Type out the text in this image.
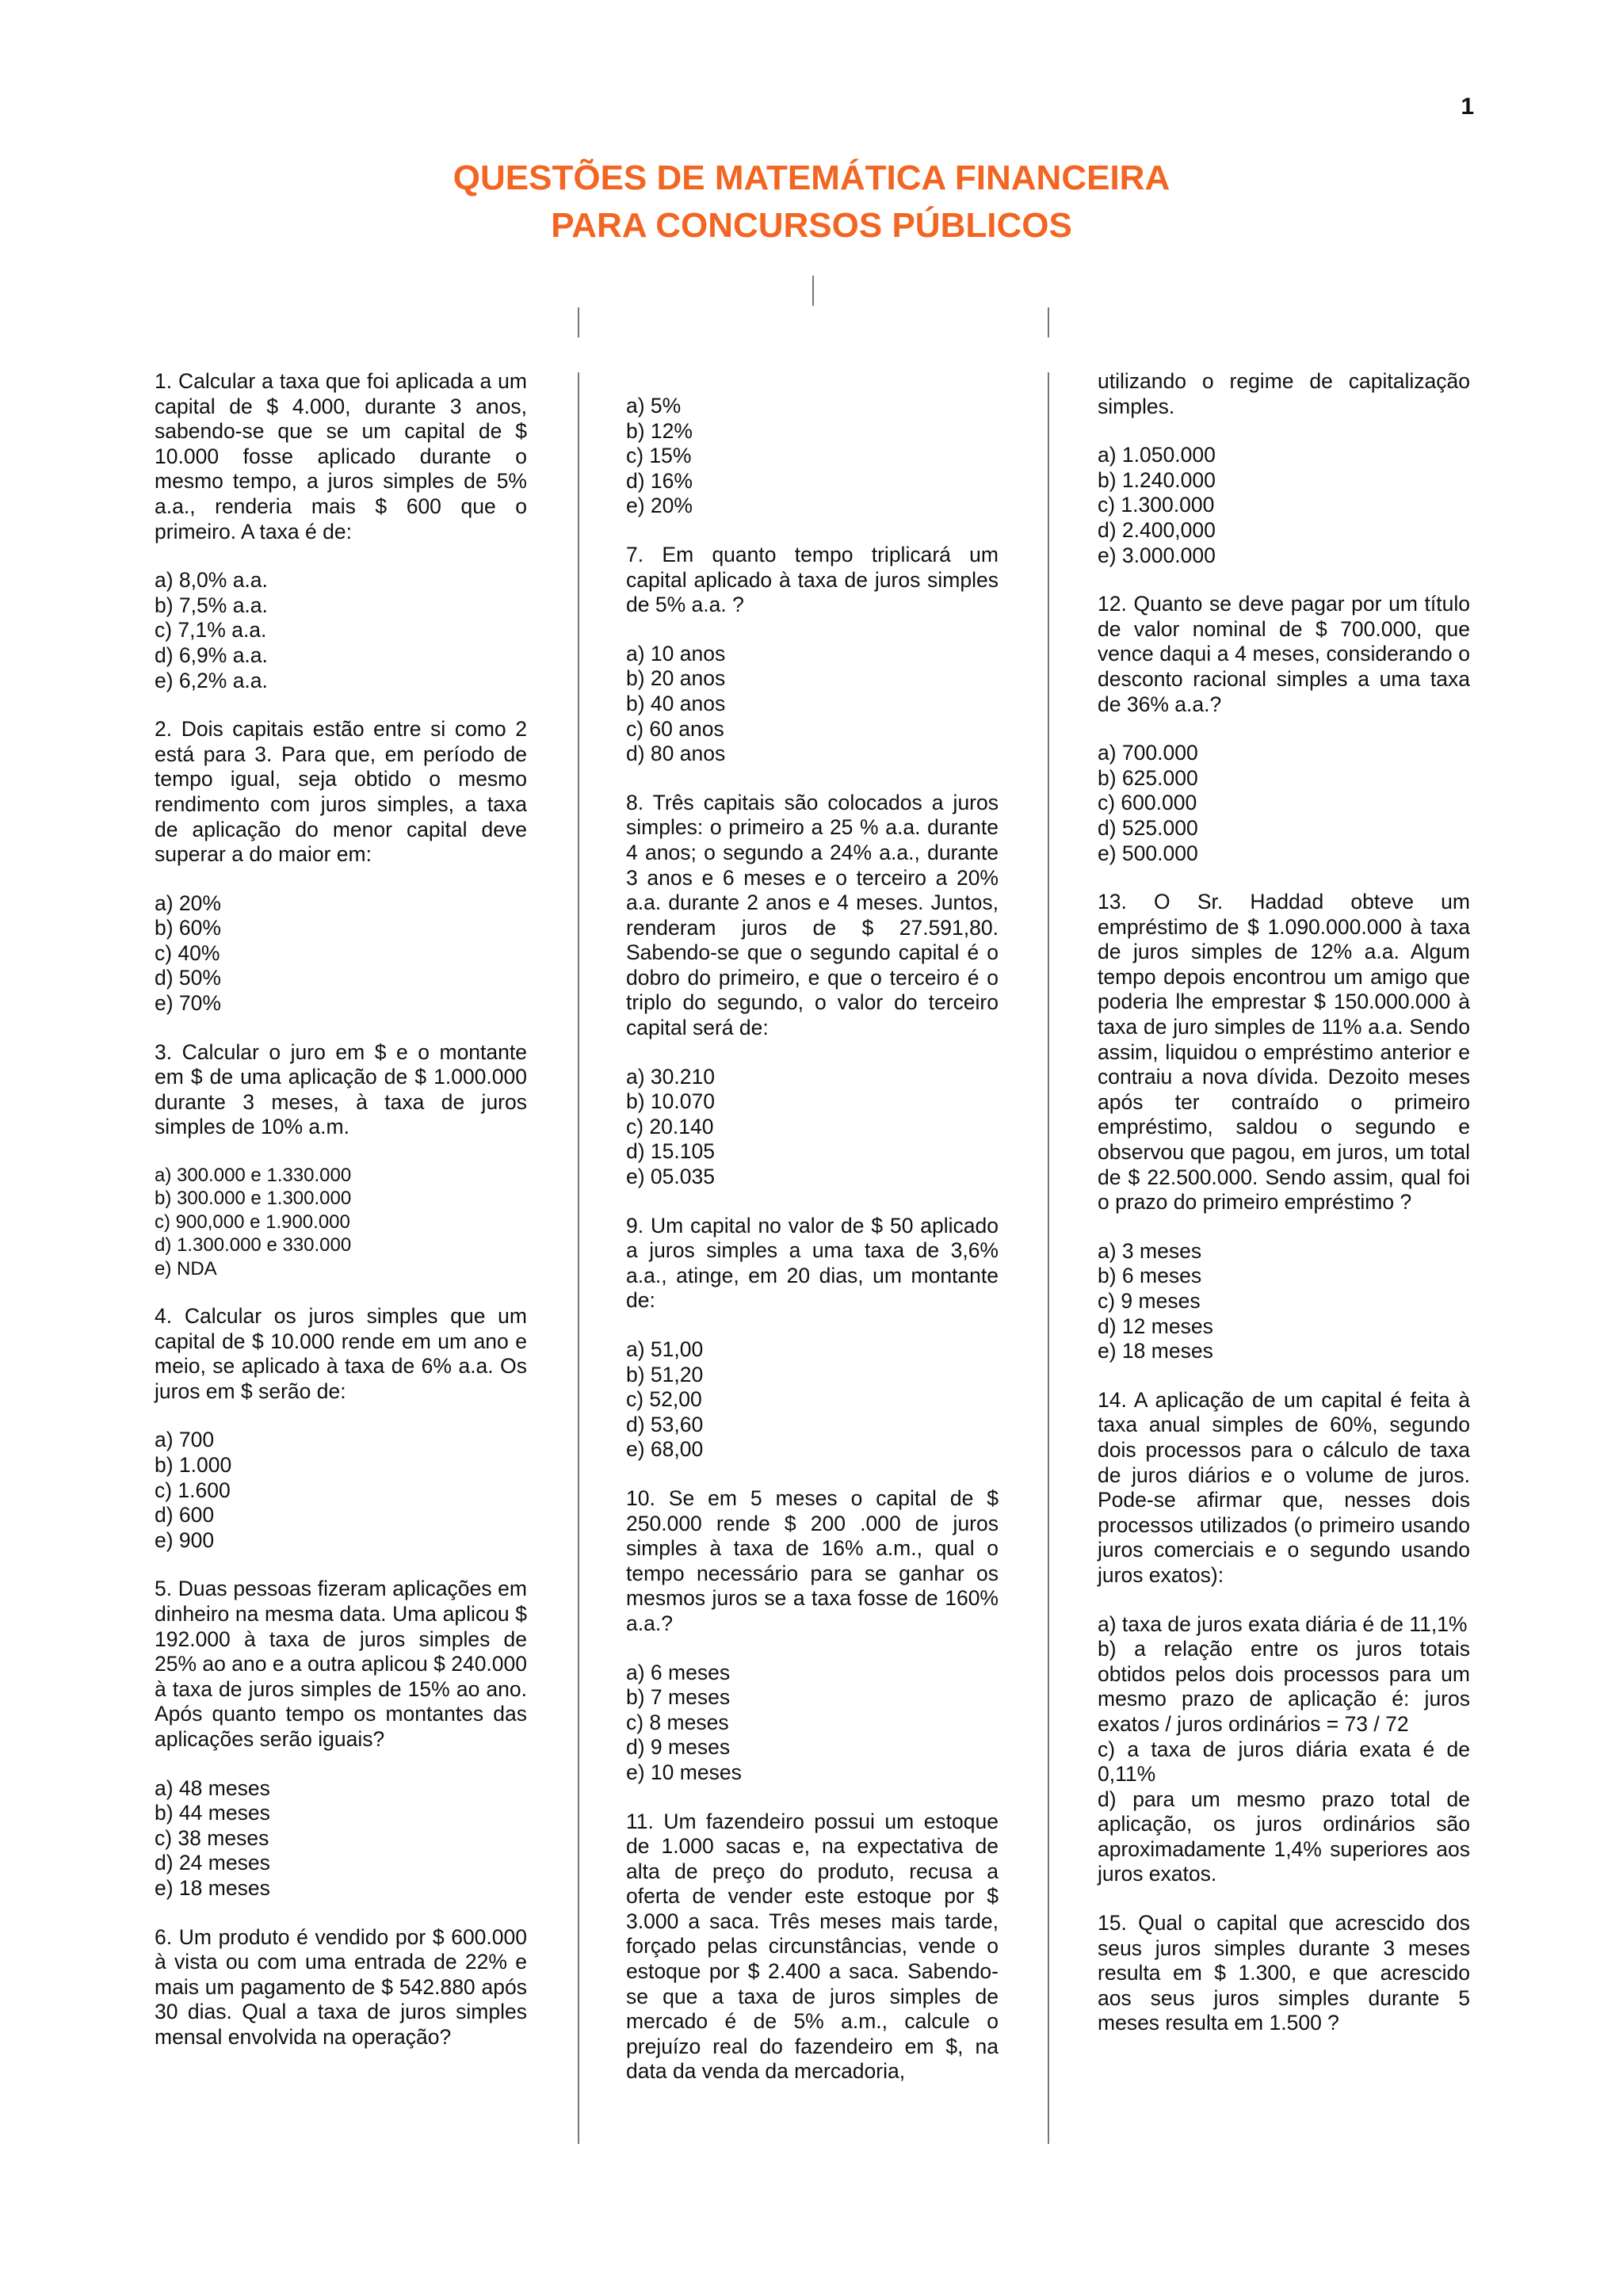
1
QUESTÕES DE MATEMÁTICA FINANCEIRA
PARA CONCURSOS PÚBLICOS

1. Calcular a taxa que foi aplicada a um capital de $ 4.000, durante 3 anos, sabendo-se que se um capital de $ 10.000 fosse aplicado durante o mesmo tempo, a juros simples de 5% a.a., renderia mais $ 600 que o primeiro. A taxa é de:

a) 8,0% a.a.
b) 7,5% a.a.
c) 7,1% a.a.
d) 6,9% a.a.
e) 6,2% a.a.

2. Dois capitais estão entre si como 2 está para 3. Para que, em período de tempo igual, seja obtido o mesmo rendimento com juros simples, a taxa de aplicação do menor capital deve superar a do maior em:

a) 20%
b) 60%
c) 40%
d) 50%
e) 70%

3. Calcular o juro em $ e o montante em $ de uma aplicação de $ 1.000.000 durante 3 meses, à taxa de juros simples de 10% a.m.

a) 300.000 e 1.330.000
b) 300.000 e 1.300.000
c) 900,000 e 1.900.000
d) 1.300.000 e 330.000
e) NDA

4. Calcular os juros simples que um capital de $ 10.000 rende em um ano e meio, se aplicado à taxa de 6% a.a. Os juros em $ serão de:

a) 700
b) 1.000
c) 1.600
d) 600
e) 900

5. Duas pessoas fizeram aplicações em dinheiro na mesma data. Uma aplicou $ 192.000 à taxa de juros simples de 25% ao ano e a outra aplicou $ 240.000 à taxa de juros simples de 15% ao ano. Após quanto tempo os montantes das aplicações serão iguais?

a) 48 meses
b) 44 meses
c) 38 meses
d) 24 meses
e) 18 meses

6. Um produto é vendido por $ 600.000 à vista ou com uma entrada de 22% e mais um pagamento de $ 542.880 após 30 dias. Qual a taxa de juros simples mensal envolvida na operação?

a) 5%
b) 12%
c) 15%
d) 16%
e) 20%

7. Em quanto tempo triplicará um capital aplicado à taxa de juros simples de 5% a.a. ?

a) 10 anos
b) 20 anos
b) 40 anos
c) 60 anos
d) 80 anos

8. Três capitais são colocados a juros simples: o primeiro a 25 % a.a. durante 4 anos; o segundo a 24% a.a., durante 3 anos e 6 meses e o terceiro a 20% a.a. durante 2 anos e 4 meses. Juntos, renderam juros de $ 27.591,80. Sabendo-se que o segundo capital é o dobro do primeiro, e que o terceiro é o triplo do segundo, o valor do terceiro capital será de:

a) 30.210
b) 10.070
c) 20.140
d) 15.105
e) 05.035

9. Um capital no valor de $ 50 aplicado a juros simples a uma taxa de 3,6% a.a., atinge, em 20 dias, um montante de:

a) 51,00
b) 51,20
c) 52,00
d) 53,60
e) 68,00

10. Se em 5 meses o capital de $ 250.000 rende $ 200 .000 de juros simples à taxa de 16% a.m., qual o tempo necessário para se ganhar os mesmos juros se a taxa fosse de 160% a.a.?

a) 6 meses
b) 7 meses
c) 8 meses
d) 9 meses
e) 10 meses

11. Um fazendeiro possui um estoque de 1.000 sacas e, na expectativa de alta de preço do produto, recusa a oferta de vender este estoque por $ 3.000 a saca. Três meses mais tarde, forçado pelas circunstâncias, vende o estoque por $ 2.400 a saca. Sabendo-se que a taxa de juros simples de mercado é de 5% a.m., calcule o prejuízo real do fazendeiro em $, na data da venda da mercadoria,

utilizando o regime de capitalização simples.

a) 1.050.000
b) 1.240.000
c) 1.300.000
d) 2.400,000
e) 3.000.000

12. Quanto se deve pagar por um título de valor nominal de $ 700.000, que vence daqui a 4 meses, considerando o desconto racional simples a uma taxa de 36% a.a.?

a) 700.000
b) 625.000
c) 600.000
d) 525.000
e) 500.000

13. O Sr. Haddad obteve um empréstimo de $ 1.090.000.000 à taxa de juros simples de 12% a.a. Algum tempo depois encontrou um amigo que poderia lhe emprestar $ 150.000.000 à taxa de juro simples de 11% a.a. Sendo assim, liquidou o empréstimo anterior e contraiu a nova dívida. Dezoito meses após ter contraído o primeiro empréstimo, saldou o segundo e observou que pagou, em juros, um total de $ 22.500.000. Sendo assim, qual foi o prazo do primeiro empréstimo ?

a) 3 meses
b) 6 meses
c) 9 meses
d) 12 meses
e) 18 meses

14. A aplicação de um capital é feita à taxa anual simples de 60%, segundo dois processos para o cálculo de taxa de juros diários e o volume de juros. Pode-se afirmar que, nesses dois processos utilizados (o primeiro usando juros comerciais e o segundo usando juros exatos):

a) taxa de juros exata diária é de 11,1%
b) a relação entre os juros totais obtidos pelos dois processos para um mesmo prazo de aplicação é: juros exatos / juros ordinários = 73 / 72
c) a taxa de juros diária exata é de 0,11%
d) para um mesmo prazo total de aplicação, os juros ordinários são aproximadamente 1,4% superiores aos juros exatos.

15. Qual o capital que acrescido dos seus juros simples durante 3 meses resulta em $ 1.300, e que acrescido aos seus juros simples durante 5 meses resulta em 1.500 ?
